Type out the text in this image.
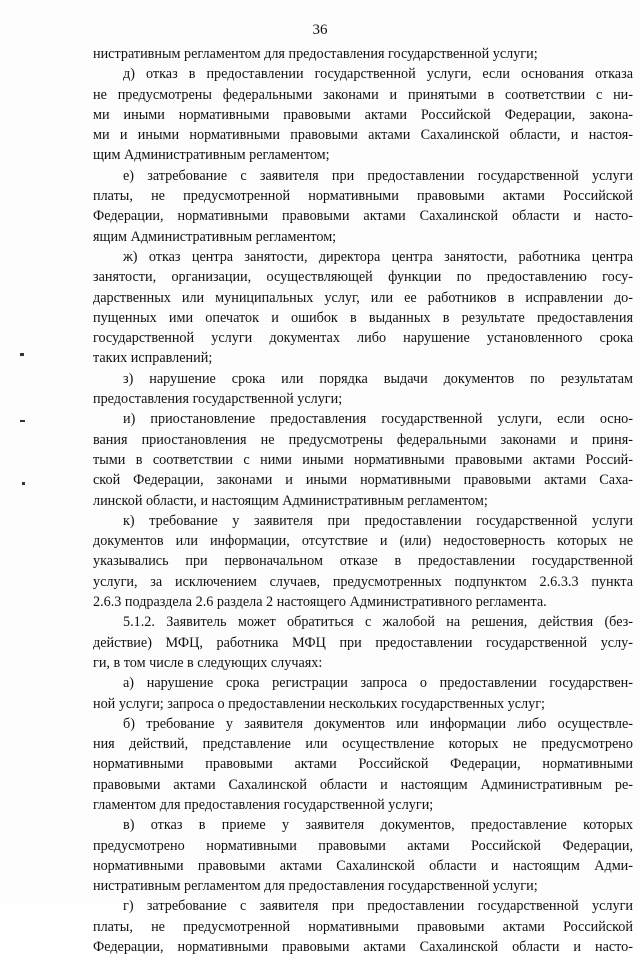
36
нистративным регламентом для предоставления государственной услуги;
д) отказ в предоставлении государственной услуги, если основания отказа
не предусмотрены федеральными законами и принятыми в соответствии с ни-
ми иными нормативными правовыми актами Российской Федерации, законa-
ми и иными нормативными правовыми актами Сахалинской области, и настоя-
щим Административным регламентом;
е) затребование с заявителя при предоставлении государственной услуги
платы, не предусмотренной нормативными правовыми актами Российской
Федерации, нормативными правовыми актами Сахалинской области и насто-
ящим Административным регламентом;
ж) отказ центра занятости, директора центра занятости, работника центра
занятости, организации, осуществляющей функции по предоставлению госу-
дарственных или муниципальных услуг, или ее работников в исправлении до-
пущенных ими опечаток и ошибок в выданных в результате предоставления
государственной услуги документах либо нарушение установленного срока
таких исправлений;
з) нарушение срока или порядка выдачи документов по результатам
предоставления государственной услуги;
и) приостановление предоставления государственной услуги, если осно-
вания приостановления не предусмотрены федеральными законами и приня-
тыми в соответствии с ними иными нормативными правовыми актами Россий-
ской Федерации, законами и иными нормативными правовыми актами Саха-
линской области, и настоящим Административным регламентом;
к) требование у заявителя при предоставлении государственной услуги
документов или информации, отсутствие и (или) недостоверность которых не
указывались при первоначальном отказе в предоставлении государственной
услуги, за исключением случаев, предусмотренных подпунктом 2.6.3.3 пункта
2.6.3 подраздела 2.6 раздела 2 настоящего Административного регламента.
5.1.2. Заявитель может обратиться с жалобой на решения, действия (без-
действие) МФЦ, работника МФЦ при предоставлении государственной услу-
ги, в том числе в следующих случаях:
а) нарушение срока регистрации запроса о предоставлении государствен-
ной услуги; запроса о предоставлении нескольких государственных услуг;
б) требование у заявителя документов или информации либо осуществле-
ния действий, представление или осуществление которых не предусмотрено
нормативными правовыми актами Российской Федерации, нормативными
правовыми актами Сахалинской области и настоящим Административным ре-
гламентом для предоставления государственной услуги;
в) отказ в приеме у заявителя документов, предоставление которых
предусмотрено нормативными правовыми актами Российской Федерации,
нормативными правовыми актами Сахалинской области и настоящим Адми-
нистративным регламентом для предоставления государственной услуги;
г) затребование с заявителя при предоставлении государственной услуги
платы, не предусмотренной нормативными правовыми актами Российской
Федерации, нормативными правовыми актами Сахалинской области и насто-
